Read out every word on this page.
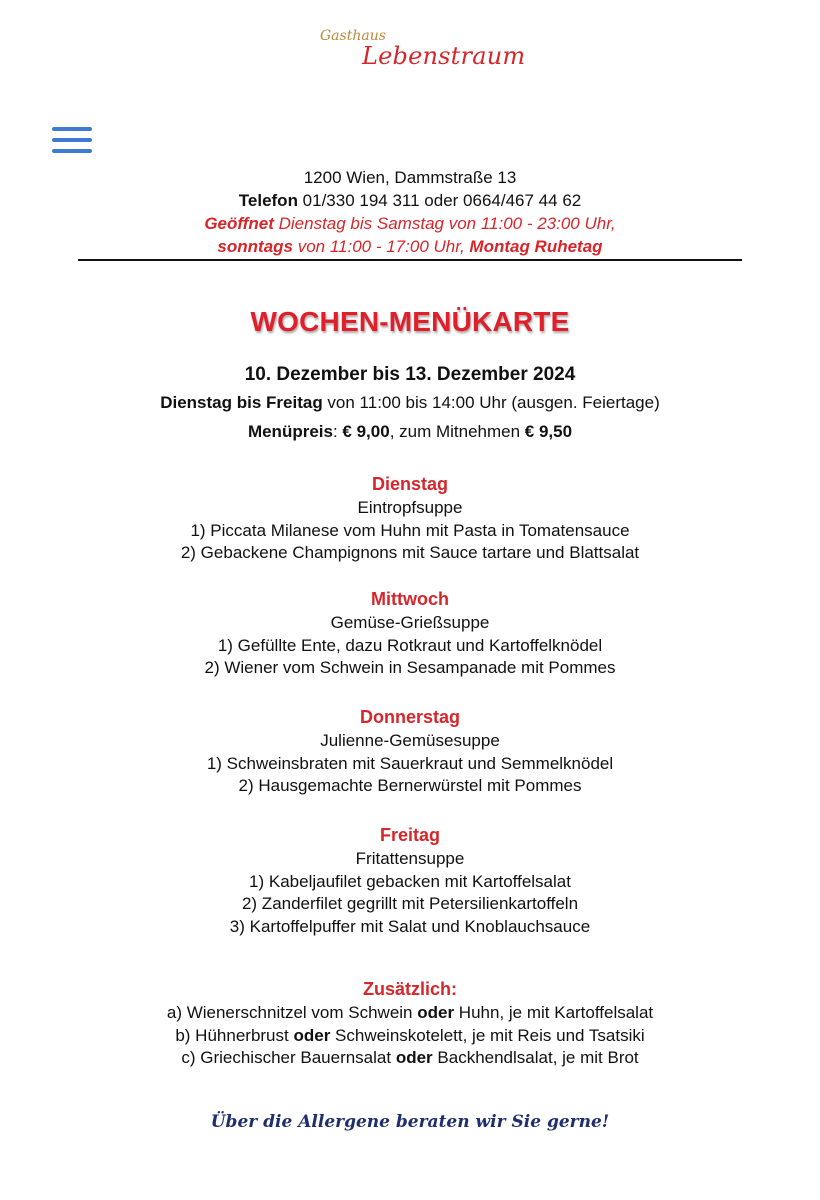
Gasthaus
Lebenstraum
1200 Wien, Dammstraße 13
Telefon 01/330 194 311 oder 0664/467 44 62
Geöffnet Dienstag bis Samstag von 11:00 - 23:00 Uhr,
sonntags von 11:00 - 17:00 Uhr, Montag Ruhetag
WOCHEN-MENÜKARTE
10. Dezember bis 13. Dezember 2024
Dienstag bis Freitag von 11:00 bis 14:00 Uhr (ausgen. Feiertage)
Menüpreis: € 9,00, zum Mitnehmen € 9,50
Dienstag
Eintropfsuppe
1) Piccata Milanese vom Huhn mit Pasta in Tomatensauce
2) Gebackene Champignons mit Sauce tartare und Blattsalat
Mittwoch
Gemüse-Grießsuppe
1) Gefüllte Ente, dazu Rotkraut und Kartoffelknödel
2) Wiener vom Schwein in Sesampanade mit Pommes
Donnerstag
Julienne-Gemüsesuppe
1) Schweinsbraten mit Sauerkraut und Semmelknödel
2) Hausgemachte Bernerwürstel mit Pommes
Freitag
Fritattensuppe
1) Kabeljaufilet gebacken mit Kartoffelsalat
2) Zanderfilet gegrillt mit Petersilienkartoffeln
3) Kartoffelpuffer mit Salat und Knoblauchsauce
Zusätzlich:
a) Wienerschnitzel vom Schwein oder Huhn, je mit Kartoffelsalat
b) Hühnerbrust oder Schweinskotelett, je mit Reis und Tsatsiki
c) Griechischer Bauernsalat oder Backhendlsalat, je mit Brot
Über die Allergene beraten wir Sie gerne!
